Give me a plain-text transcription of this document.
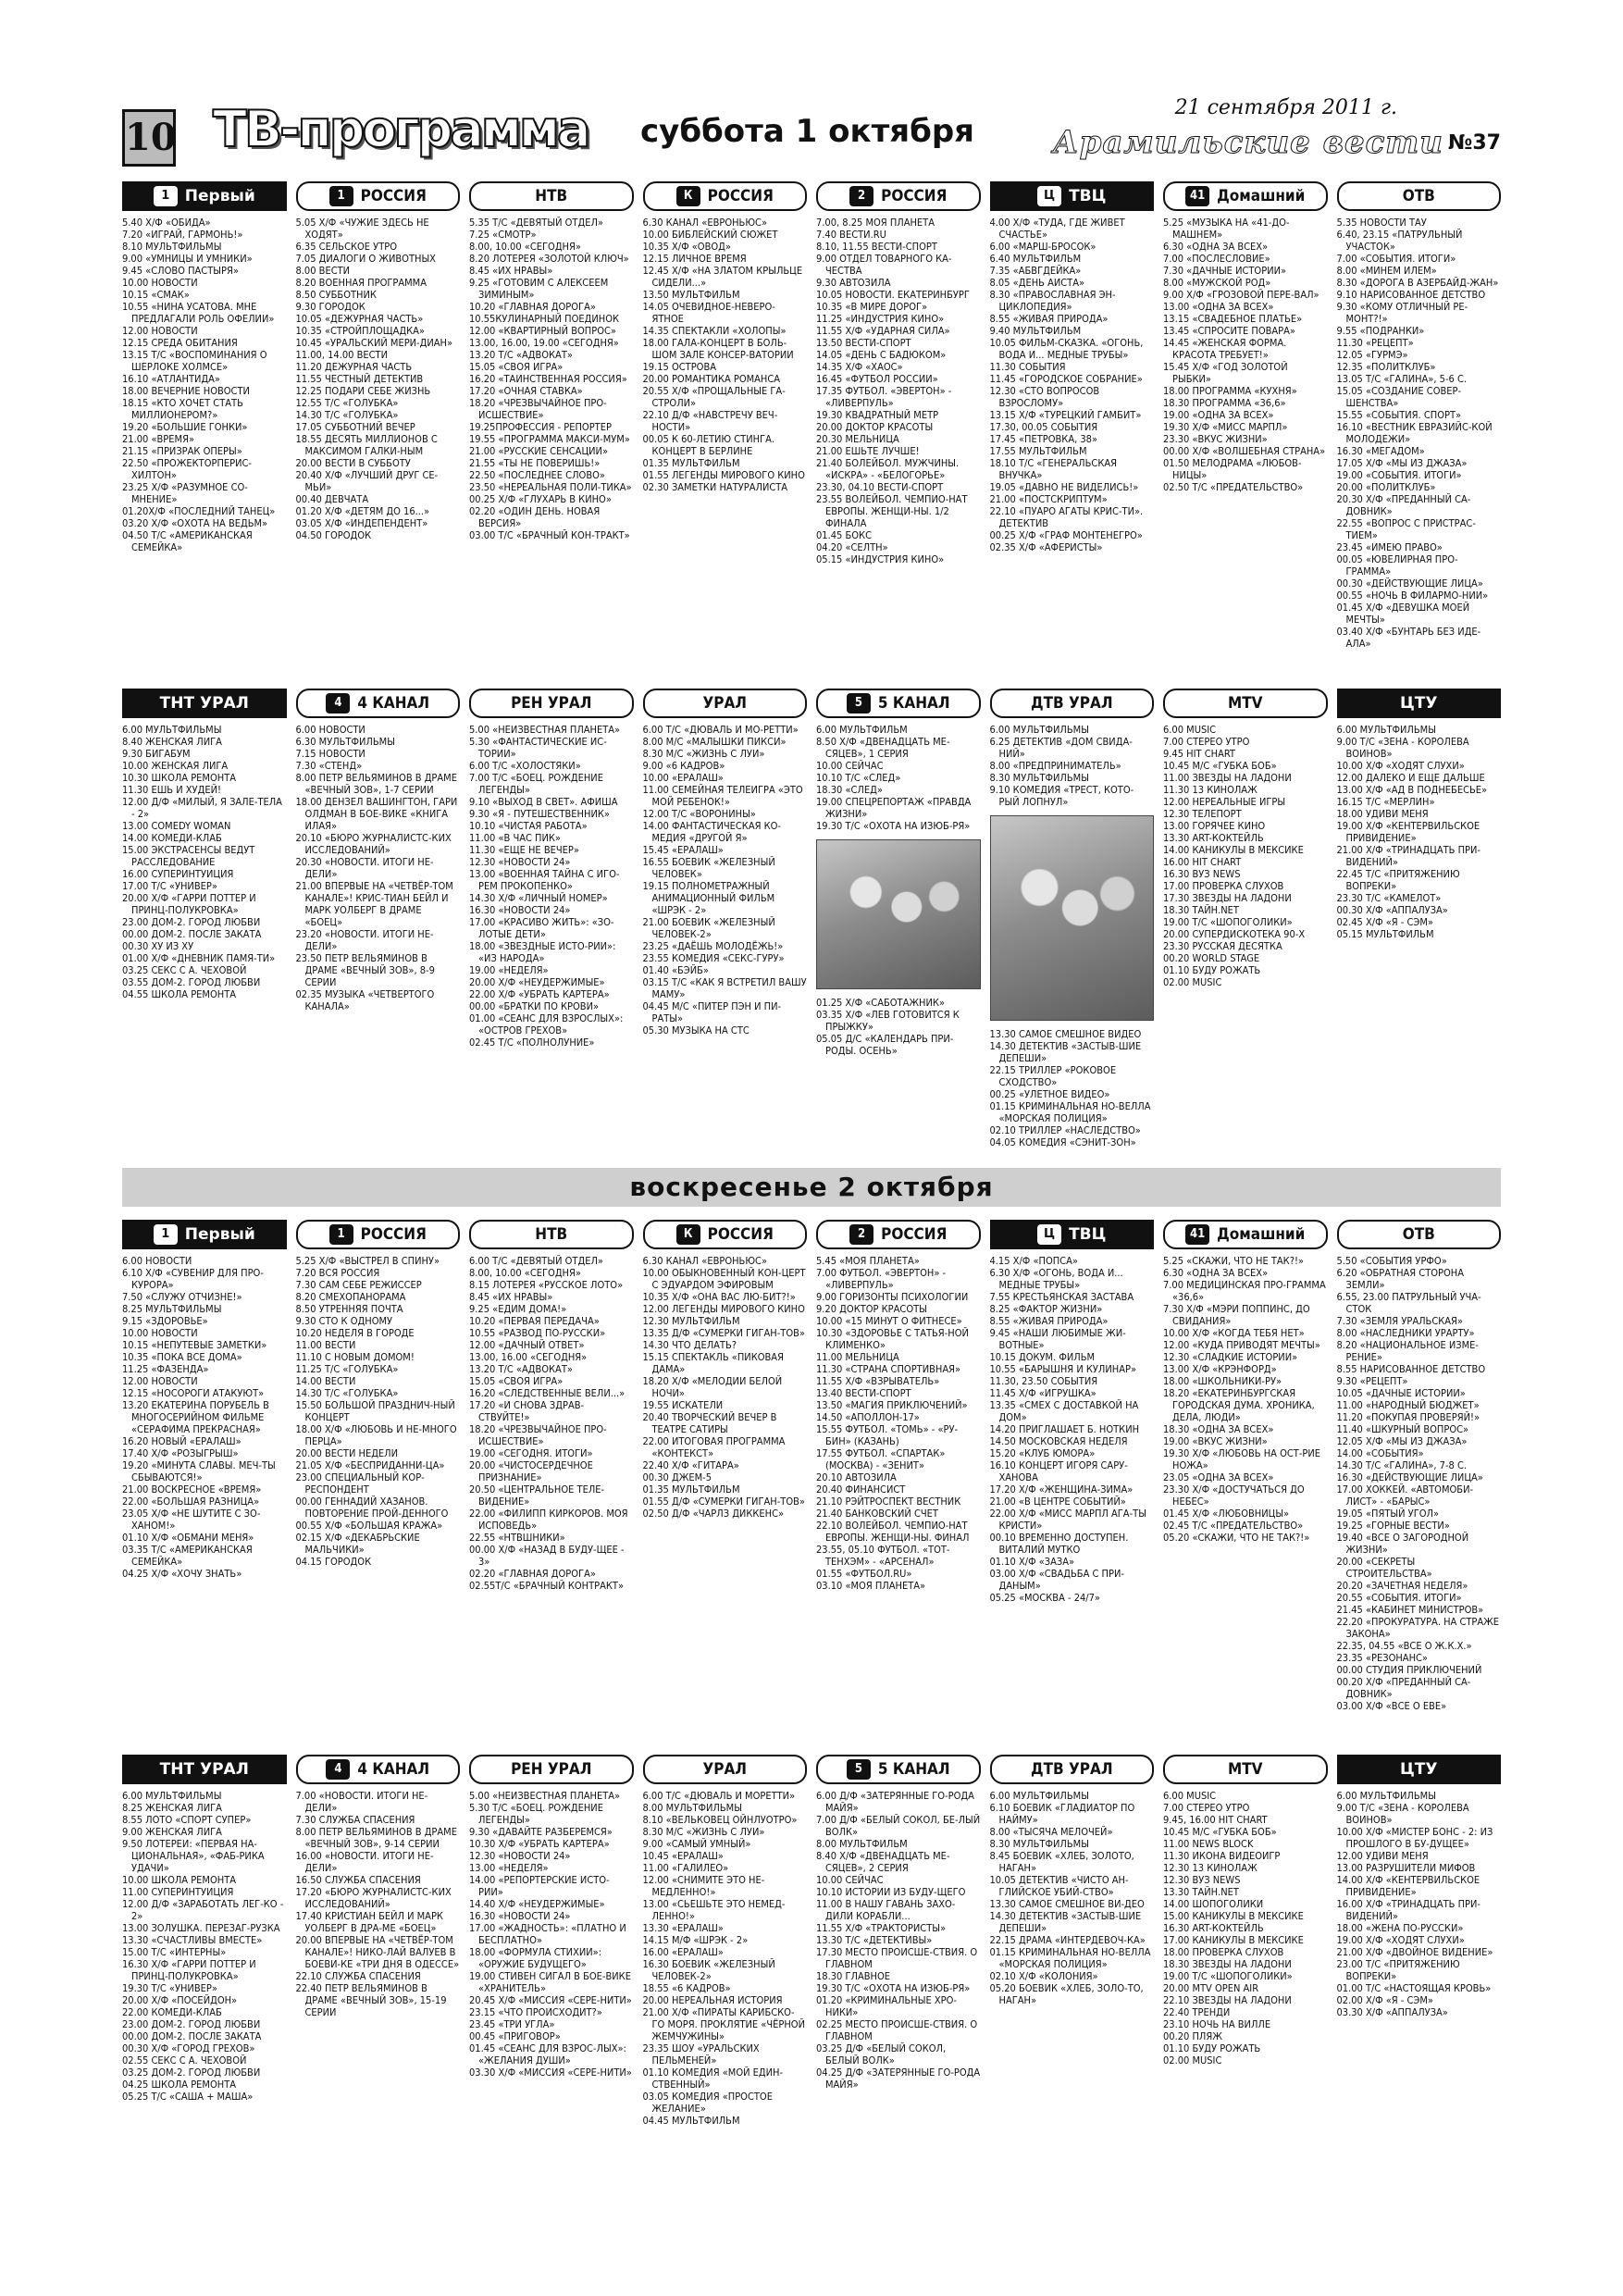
10 ТВ-программа суббота 1 октября
21 сентября 2011 г.
Арамильские вести №37
1 Первый
5.40 Х/Ф «ОБИДА»
7.20 «ИГРАЙ, ГАРМОНЬ!»
8.10 МУЛЬТФИЛЬМЫ
9.00 «УМНИЦЫ И УМНИКИ»
9.45 «СЛОВО ПАСТЫРЯ»
10.00 НОВОСТИ
10.15 «СМАК»
10.55 «НИНА УСАТОВА. МНЕ ПРЕДЛАГАЛИ РОЛЬ ОФЕЛИИ»
12.00 НОВОСТИ
12.15 СРЕДА ОБИТАНИЯ
13.15 Т/С «ВОСПОМИНАНИЯ О ШЕРЛОКЕ ХОЛМСЕ»
16.10 «АТЛАНТИДА»
18.00 ВЕЧЕРНИЕ НОВОСТИ
18.15 «КТО ХОЧЕТ СТАТЬ МИЛЛИОНЕРОМ?»
19.20 «БОЛЬШИЕ ГОНКИ»
21.00 «ВРЕМЯ»
21.15 «ПРИЗРАК ОПЕРЫ»
22.50 «ПРОЖЕКТОРПЕРИС-ХИЛТОН»
23.25 Х/Ф «РАЗУМНОЕ СО-МНЕНИЕ»
01.20Х/Ф «ПОСЛЕДНИЙ ТАНЕЦ»
03.20 Х/Ф «ОХОТА НА ВЕДЬМ»
04.50 Т/С «АМЕРИКАНСКАЯ СЕМЕЙКА»
1 РОССИЯ
5.05 Х/Ф «ЧУЖИЕ ЗДЕСЬ НЕ ХОДЯТ»
6.35 СЕЛЬСКОЕ УТРО
7.05 ДИАЛОГИ О ЖИВОТНЫХ
8.00 ВЕСТИ
8.20 ВОЕННАЯ ПРОГРАММА
8.50 СУББОТНИК
9.30 ГОРОДОК
10.05 «ДЕЖУРНАЯ ЧАСТЬ»
10.35 «СТРОЙПЛОЩАДКА»
10.45 «УРАЛЬСКИЙ МЕРИ-ДИАН»
11.00, 14.00 ВЕСТИ
11.20 ДЕЖУРНАЯ ЧАСТЬ
11.55 ЧЕСТНЫЙ ДЕТЕКТИВ
12.25 ПОДАРИ СЕБЕ ЖИЗНЬ
12.55 Т/С «ГОЛУБКА»
14.30 Т/С «ГОЛУБКА»
17.05 СУББОТНИЙ ВЕЧЕР
18.55 ДЕСЯТЬ МИЛЛИОНОВ С МАКСИМОМ ГАЛКИ-НЫМ
20.00 ВЕСТИ В СУББОТУ
20.40 Х/Ф «ЛУЧШИЙ ДРУГ СЕ-МЬИ»
00.40 ДЕВЧАТА
01.20 Х/Ф «ДЕТЯМ ДО 16...»
03.05 Х/Ф «ИНДЕПЕНДЕНТ»
04.50 ГОРОДОК
НТВ
5.35 Т/С «ДЕВЯТЫЙ ОТДЕЛ»
7.25 «СМОТР»
8.00, 10.00 «СЕГОДНЯ»
8.20 ЛОТЕРЕЯ «ЗОЛОТОЙ КЛЮЧ»
8.45 «ИХ НРАВЫ»
9.25 «ГОТОВИМ С АЛЕКСЕЕМ ЗИМИНЫМ»
10.20 «ГЛАВНАЯ ДОРОГА»
10.55КУЛИНАРНЫЙ ПОЕДИНОК
12.00 «КВАРТИРНЫЙ ВОПРОС»
13.00, 16.00, 19.00 «СЕГОДНЯ»
13.20 Т/С «АДВОКАТ»
15.05 «СВОЯ ИГРА»
16.20 «ТАИНСТВЕННАЯ РОССИЯ»
17.20 «ОЧНАЯ СТАВКА»
18.20 «ЧРЕЗВЫЧАЙНОЕ ПРО-ИСШЕСТВИЕ»
19.25ПРОФЕССИЯ - РЕПОРТЕР
19.55 «ПРОГРАММА МАКСИ-МУМ»
21.00 «РУССКИЕ СЕНСАЦИИ»
21.55 «ТЫ НЕ ПОВЕРИШЬ!»
22.50 «ПОСЛЕДНЕЕ СЛОВО»
23.50 «НЕРЕАЛЬНАЯ ПОЛИ-ТИКА»
00.25 Х/Ф «ГЛУХАРЬ В КИНО»
02.20 «ОДИН ДЕНЬ. НОВАЯ ВЕРСИЯ»
03.00 Т/С «БРАЧНЫЙ КОН-ТРАКТ»
К РОССИЯ
6.30 КАНАЛ «ЕВРОНЬЮС»
10.00 БИБЛЕЙСКИЙ СЮЖЕТ
10.35 Х/Ф «ОВОД»
12.15 ЛИЧНОЕ ВРЕМЯ
12.45 Х/Ф «НА ЗЛАТОМ КРЫЛЬЦЕ СИДЕЛИ...»
13.50 МУЛЬТФИЛЬМ
14.05 ОЧЕВИДНОЕ-НЕВЕРО-ЯТНОЕ
14.35 СПЕКТАКЛИ «ХОЛОПЫ»
18.00 ГАЛА-КОНЦЕРТ В БОЛЬ-ШОМ ЗАЛЕ КОНСЕР-ВАТОРИИ
19.15 ОСТРОВА
20.00 РОМАНТИКА РОМАНСА
20.55 Х/Ф «ПРОЩАЛЬНЫЕ ГА-СТРОЛИ»
22.10 Д/Ф «НАВСТРЕЧУ ВЕЧ-НОСТИ»
00.05 К 60-ЛЕТИЮ СТИНГА. КОНЦЕРТ В БЕРЛИНЕ
01.35 МУЛЬТФИЛЬМ
01.55 ЛЕГЕНДЫ МИРОВОГО КИНО
02.30 ЗАМЕТКИ НАТУРАЛИСТА
2 РОССИЯ
7.00, 8.25 МОЯ ПЛАНЕТА
7.40 ВЕСТИ.RU
8.10, 11.55 ВЕСТИ-СПОРТ
9.00 ОТДЕЛ ТОВАРНОГО КА-ЧЕСТВА
9.30 АВТОЗИЛА
10.05 НОВОСТИ. ЕКАТЕРИНБУРГ
10.35 «В МИРЕ ДОРОГ»
11.25 «ИНДУСТРИЯ КИНО»
11.55 Х/Ф «УДАРНАЯ СИЛА»
13.50 ВЕСТИ-СПОРТ
14.05 «ДЕНЬ С БАДЮКОМ»
14.35 Х/Ф «ХАОС»
16.45 «ФУТБОЛ РОССИИ»
17.35 ФУТБОЛ. «ЭВЕРТОН» - «ЛИВЕРПУЛЬ»
19.30 КВАДРАТНЫЙ МЕТР
20.00 ДОКТОР КРАСОТЫ
20.30 МЕЛЬНИЦА
21.00 ЕШЬТЕ ЛУЧШЕ!
21.40 БОЛЕЙБОЛ. МУЖЧИНЫ. «ИСКРА» - «БЕЛОГОРЬЕ»
23.30, 04.10 ВЕСТИ-СПОРТ
23.55 ВОЛЕЙБОЛ. ЧЕМПИО-НАТ ЕВРОПЫ. ЖЕНЩИ-НЫ. 1/2 ФИНАЛА
01.45 БОКС
04.20 «СЕЛТН»
05.15 «ИНДУСТРИЯ КИНО»
Ц ТВЦ
4.00 Х/Ф «ТУДА, ГДЕ ЖИВЕТ СЧАСТЬЕ»
6.00 «МАРШ-БРОСОК»
6.40 МУЛЬТФИЛЬМ
7.35 «АБВГДЕЙКА»
8.05 «ДЕНЬ АИСТА»
8.30 «ПРАВОСЛАВНАЯ ЭН-ЦИКЛОПЕДИЯ»
8.55 «ЖИВАЯ ПРИРОДА»
9.40 МУЛЬТФИЛЬМ
10.05 ФИЛЬМ-СКАЗКА. «ОГОНЬ, ВОДА И... МЕДНЫЕ ТРУБЫ»
11.30 СОБЫТИЯ
11.45 «ГОРОДСКОЕ СОБРАНИЕ»
12.30 «СТО ВОПРОСОВ ВЗРОСЛОМУ»
13.15 Х/Ф «ТУРЕЦКИЙ ГАМБИТ»
17.30, 00.05 СОБЫТИЯ
17.45 «ПЕТРОВКА, 38»
17.55 МУЛЬТФИЛЬМ
18.10 Т/С «ГЕНЕРАЛЬСКАЯ ВНУЧКА»
19.05 «ДАВНО НЕ ВИДЕЛИСЬ!»
21.00 «ПОСТСКРИПТУМ»
22.10 «ПУАРО АГАТЫ КРИС-ТИ». ДЕТЕКТИВ
00.25 Х/Ф «ГРАФ МОНТЕНЕГРО»
02.35 Х/Ф «АФЕРИСТЫ»
41 Домашний
5.25 «МУЗЫКА НА «41-ДО-МАШНЕМ»
6.30 «ОДНА ЗА ВСЕХ»
7.00 «ПОСЛЕСЛОВИЕ»
7.30 «ДАЧНЫЕ ИСТОРИИ»
8.00 «МУЖСКОЙ РОД»
9.00 Х/Ф «ГРОЗОВОЙ ПЕРЕ-ВАЛ»
13.00 «ОДНА ЗА ВСЕХ»
13.15 «СВАДЕБНОЕ ПЛАТЬЕ»
13.45 «СПРОСИТЕ ПОВАРА»
14.45 «ЖЕНСКАЯ ФОРМА. КРАСОТА ТРЕБУЕТ!»
15.45 Х/Ф «ГОД ЗОЛОТОЙ РЫБКИ»
18.00 ПРОГРАММА «КУХНЯ»
18.30 ПРОГРАММА «36,6»
19.00 «ОДНА ЗА ВСЕХ»
19.30 Х/Ф «МИСС МАРПЛ»
23.30 «ВКУС ЖИЗНИ»
00.00 Х/Ф «ВОЛШЕБНАЯ СТРАНА»
01.50 МЕЛОДРАМА «ЛЮБОВ-НИЦЫ»
02.50 Т/С «ПРЕДАТЕЛЬСТВО»
ОТВ
5.35 НОВОСТИ ТАУ
6.40, 23.15 «ПАТРУЛЬНЫЙ УЧАСТОК»
7.00 «СОБЫТИЯ. ИТОГИ»
8.00 «МИНЕМ ИЛЕМ»
8.30 «ДОРОГА В АЗЕРБАЙД-ЖАН»
9.10 НАРИСОВАННОЕ ДЕТСТВО
9.30 «КОМУ ОТЛИЧНЫЙ РЕ-МОНТ?!»
9.55 «ПОДРАНКИ»
11.30 «РЕЦЕПТ»
12.05 «ГУРМЭ»
12.35 «ПОЛИТКЛУБ»
13.05 Т/С «ГАЛИНА», 5-6 С.
15.05 «СОЗДАНИЕ СОВЕР-ШЕНСТВА»
15.55 «СОБЫТИЯ. СПОРТ»
16.10 «ВЕСТНИК ЕВРАЗИЙС-КОЙ МОЛОДЕЖИ»
16.30 «МЕГАДОМ»
17.05 Х/Ф «МЫ ИЗ ДЖАЗА»
19.00 «СОБЫТИЯ. ИТОГИ»
20.00 «ПОЛИТКЛУБ»
20.30 Х/Ф «ПРЕДАННЫЙ СА-ДОВНИК»
22.55 «ВОПРОС С ПРИСТРАС-ТИЕМ»
23.45 «ИМЕЮ ПРАВО»
00.05 «ЮВЕЛИРНАЯ ПРО-ГРАММА»
00.30 «ДЕЙСТВУЮЩИЕ ЛИЦА»
00.55 «НОЧЬ В ФИЛАРМО-НИИ»
01.45 Х/Ф «ДЕВУШКА МОЕЙ МЕЧТЫ»
03.40 Х/Ф «БУНТАРЬ БЕЗ ИДЕ-АЛА»
ТНТ УРАЛ
6.00 МУЛЬТФИЛЬМЫ
8.40 ЖЕНСКАЯ ЛИГА
9.30 БИГАБУМ
10.00 ЖЕНСКАЯ ЛИГА
10.30 ШКОЛА РЕМОНТА
11.30 ЕШЬ И ХУДЕЙ!
12.00 Д/Ф «МИЛЫЙ, Я ЗАЛЕ-ТЕЛА - 2»
13.00 COMEDY WOMAN
14.00 КОМЕДИ-КЛАБ
15.00 ЭКСТРАСЕНСЫ ВЕДУТ РАССЛЕДОВАНИЕ
16.00 СУПЕРИНТУИЦИЯ
17.00 Т/С «УНИВЕР»
20.00 Х/Ф «ГАРРИ ПОТТЕР И ПРИНЦ-ПОЛУКРОВКА»
23.00 ДОМ-2. ГОРОД ЛЮБВИ
00.00 ДОМ-2. ПОСЛЕ ЗАКАТА
00.30 ХУ ИЗ ХУ
01.00 Х/Ф «ДНЕВНИК ПАМЯ-ТИ»
03.25 СЕКС С А. ЧЕХОВОЙ
03.55 ДОМ-2. ГОРОД ЛЮБВИ
04.55 ШКОЛА РЕМОНТА
4 4 КАНАЛ
6.00 НОВОСТИ
6.30 МУЛЬТФИЛЬМЫ
7.15 НОВОСТИ
7.30 «СТЕНД»
8.00 ПЕТР ВЕЛЬЯМИНОВ В ДРАМЕ «ВЕЧНЫЙ ЗОВ», 1-7 СЕРИИ
18.00 ДЕНЗЕЛ ВАШИНГТОН, ГАРИ ОЛДМАН В БОЕ-ВИКЕ «КНИГА ИЛАЯ»
20.10 «БЮРО ЖУРНАЛИСТС-КИХ ИССЛЕДОВАНИЙ»
20.30 «НОВОСТИ. ИТОГИ НЕ-ДЕЛИ»
21.00 ВПЕРВЫЕ НА «ЧЕТВЁР-ТОМ КАНАЛЕ»! КРИС-ТИАН БЕЙЛ И МАРК УОЛБЕРГ В ДРАМЕ «БОЕЦ»
23.20 «НОВОСТИ. ИТОГИ НЕ-ДЕЛИ»
23.50 ПЕТР ВЕЛЬЯМИНОВ В ДРАМЕ «ВЕЧНЫЙ ЗОВ», 8-9 СЕРИИ
02.35 МУЗЫКА «ЧЕТВЕРТОГО КАНАЛА»
РЕН УРАЛ
5.00 «НЕИЗВЕСТНАЯ ПЛАНЕТА»
5.30 «ФАНТАСТИЧЕСКИЕ ИС-ТОРИИ»
6.00 Т/С «ХОЛОСТЯКИ»
7.00 Т/С «БОЕЦ. РОЖДЕНИЕ ЛЕГЕНДЫ»
9.10 «ВЫХОД В СВЕТ». АФИША
9.30 «Я - ПУТЕШЕСТВЕННИК»
10.10 «ЧИСТАЯ РАБОТА»
11.00 «В ЧАС ПИК»
11.30 «ЕЩЕ НЕ ВЕЧЕР»
12.30 «НОВОСТИ 24»
13.00 «ВОЕННАЯ ТАЙНА С ИГО-РЕМ ПРОКОПЕНКО»
14.30 Х/Ф «ЛИЧНЫЙ НОМЕР»
16.30 «НОВОСТИ 24»
17.00 «КРАСИВО ЖИТЬ»: «ЗО-ЛОТЫЕ ДЕТИ»
18.00 «ЗВЕЗДНЫЕ ИСТО-РИИ»: «ИЗ НАРОДА»
19.00 «НЕДЕЛЯ»
20.00 Х/Ф «НЕУДЕРЖИМЫЕ»
22.00 Х/Ф «УБРАТЬ КАРТЕРА»
00.00 «БРАТКИ ПО КРОВИ»
01.00 «СЕАНС ДЛЯ ВЗРОСЛЫХ»: «ОСТРОВ ГРЕХОВ»
02.45 Т/С «ПОЛНОЛУНИЕ»
УРАЛ
6.00 Т/С «ДЮВАЛЬ И МО-РЕТТИ»
8.00 М/С «МАЛЫШКИ ПИКСИ»
8.30 М/С «ЖИЗНЬ С ЛУИ»
9.00 «6 КАДРОВ»
10.00 «ЕРАЛАШ»
11.00 СЕМЕЙНАЯ ТЕЛЕИГРА «ЭТО МОЙ РЕБЕНОК!»
12.00 Т/С «ВОРОНИНЫ»
14.00 ФАНТАСТИЧЕСКАЯ КО-МЕДИЯ «ДРУГОЙ Я»
15.45 «ЕРАЛАШ»
16.55 БОЕВИК «ЖЕЛЕЗНЫЙ ЧЕЛОВЕК»
19.15 ПОЛНОМЕТРАЖНЫЙ АНИМАЦИОННЫЙ ФИЛЬМ «ШРЭК - 2»
21.00 БОЕВИК «ЖЕЛЕЗНЫЙ ЧЕЛОВЕК-2»
23.25 «ДАЁШЬ МОЛОДЁЖЬ!»
23.55 КОМЕДИЯ «СЕКС-ГУРУ»
01.40 «БЭЙБ»
03.15 Т/С «КАК Я ВСТРЕТИЛ ВАШУ МАМУ»
04.45 М/С «ПИТЕР ПЭН И ПИ-РАТЫ»
05.30 МУЗЫКА НА СТС
5 5 КАНАЛ
6.00 МУЛЬТФИЛЬМ
8.50 Х/Ф «ДВЕНАДЦАТЬ МЕ-СЯЦЕВ», 1 СЕРИЯ
10.00 СЕЙЧАС
10.10 Т/С «СЛЕД»
18.30 «СЛЕД»
19.00 СПЕЦРЕПОРТАЖ «ПРАВДА ЖИЗНИ»
19.30 Т/С «ОХОТА НА ИЗЮБ-РЯ»
01.25 Х/Ф «САБОТАЖНИК»
03.35 Х/Ф «ЛЕВ ГОТОВИТСЯ К ПРЫЖКУ»
05.05 Д/С «КАЛЕНДАРЬ ПРИ-РОДЫ. ОСЕНЬ»
ДТВ УРАЛ
6.00 МУЛЬТФИЛЬМЫ
6.25 ДЕТЕКТИВ «ДОМ СВИДА-НИЙ»
8.00 «ПРЕДПРИНИМАТЕЛЬ»
8.30 МУЛЬТФИЛЬМЫ
9.10 КОМЕДИЯ «ТРЕСТ, КОТО-РЫЙ ЛОПНУЛ»
13.30 САМОЕ СМЕШНОЕ ВИДЕО
14.30 ДЕТЕКТИВ «ЗАСТЫВ-ШИЕ ДЕПЕШИ»
22.15 ТРИЛЛЕР «РОКОВОЕ СХОДСТВО»
00.25 «УЛЕТНОЕ ВИДЕО»
01.15 КРИМИНАЛЬНАЯ НО-ВЕЛЛА «МОРСКАЯ ПОЛИЦИЯ»
02.10 ТРИЛЛЕР «НАСЛЕДСТВО»
04.05 КОМЕДИЯ «СЭНИТ-ЗОН»
MTV
6.00 MUSIC
7.00 СТЕРЕО УТРО
9.45 HIT CHART
10.45 М/С «ГУБКА БОБ»
11.00 ЗВЕЗДЫ НА ЛАДОНИ
11.30 13 КИНОЛАЖ
12.00 НЕРЕАЛЬНЫЕ ИГРЫ
12.30 ТЕЛЕПОРТ
13.00 ГОРЯЧЕЕ КИНО
13.30 ART-КОКТЕЙЛЬ
14.00 КАНИКУЛЫ В МЕКСИКЕ
16.00 HIT CHART
16.30 ВУЗ NEWS
17.00 ПРОВЕРКА СЛУХОВ
17.30 ЗВЕЗДЫ НА ЛАДОНИ
18.30 ТАЙН.NET
19.00 Т/С «ШОПОГОЛИКИ»
20.00 СУПЕРДИСКОТЕКА 90-Х
23.30 РУССКАЯ ДЕСЯТКА
00.20 WORLD STAGE
01.10 БУДУ РОЖАТЬ
02.00 MUSIC
ЦТУ
6.00 МУЛЬТФИЛЬМЫ
9.00 Т/С «ЗЕНА - КОРОЛЕВА ВОИНОВ»
10.00 Х/Ф «ХОДЯТ СЛУХИ»
12.00 ДАЛЕКО И ЕЩЕ ДАЛЬШЕ
13.00 Х/Ф «АД В ПОДНЕБЕСЬЕ»
16.15 Т/С «МЕРЛИН»
18.00 УДИВИ МЕНЯ
19.00 Х/Ф «КЕНТЕРВИЛЬСКОЕ ПРИВИДЕНИЕ»
21.00 Х/Ф «ТРИНАДЦАТЬ ПРИ-ВИДЕНИЙ»
22.45 Т/С «ПРИТЯЖЕНИЮ ВОПРЕКИ»
23.30 Т/С «КАМЕЛОТ»
00.30 Х/Ф «АППАЛУЗА»
02.45 Х/Ф «Я - СЭМ»
05.15 МУЛЬТФИЛЬМ
воскресенье 2 октября
1 Первый
6.00 НОВОСТИ
6.10 Х/Ф «СУВЕНИР ДЛЯ ПРО-КУРОРА»
7.50 «СЛУЖУ ОТЧИЗНЕ!»
8.25 МУЛЬТФИЛЬМЫ
9.15 «ЗДОРОВЬЕ»
10.00 НОВОСТИ
10.15 «НЕПУТЕВЫЕ ЗАМЕТКИ»
10.35 «ПОКА ВСЕ ДОМА»
11.25 «ФАЗЕНДА»
12.00 НОВОСТИ
12.15 «НОСОРОГИ АТАКУЮТ»
13.20 ЕКАТЕРИНА ПОРУБЕЛЬ В МНОГОСЕРИЙНОМ ФИЛЬМЕ «СЕРАФИМА ПРЕКРАСНАЯ»
16.20 НОВЫЙ «ЕРАЛАШ»
17.40 Х/Ф «РОЗЫГРЫШ»
19.20 «МИНУТА СЛАВЫ. МЕЧ-ТЫ СБЫВАЮТСЯ!»
21.00 ВОСКРЕСНОЕ «ВРЕМЯ»
22.00 «БОЛЬШАЯ РАЗНИЦА»
23.05 Х/Ф «НЕ ШУТИТЕ С ЗО-ХАНОМ!»
01.10 Х/Ф «ОБМАНИ МЕНЯ»
03.35 Т/С «АМЕРИКАНСКАЯ СЕМЕЙКА»
04.25 Х/Ф «ХОЧУ ЗНАТЬ»
1 РОССИЯ
5.25 Х/Ф «ВЫСТРЕЛ В СПИНУ»
7.20 ВСЯ РОССИЯ
7.30 САМ СЕБЕ РЕЖИССЕР
8.20 СМЕХОПАНОРАМА
8.50 УТРЕННЯЯ ПОЧТА
9.30 СТО К ОДНОМУ
10.20 НЕДЕЛЯ В ГОРОДЕ
11.00 ВЕСТИ
11.10 С НОВЫМ ДОМОМ!
11.25 Т/С «ГОЛУБКА»
14.00 ВЕСТИ
14.30 Т/С «ГОЛУБКА»
15.50 БОЛЬШОЙ ПРАЗДНИЧ-НЫЙ КОНЦЕРТ
18.00 Х/Ф «ЛЮБОВЬ И НЕ-МНОГО ПЕРЦА»
20.00 ВЕСТИ НЕДЕЛИ
21.05 Х/Ф «БЕСПРИДАННИ-ЦА»
23.00 СПЕЦИАЛЬНЫЙ КОР-РЕСПОНДЕНТ
00.00 ГЕННАДИЙ ХАЗАНОВ. ПОВТОРЕНИЕ ПРОЙ-ДЕННОГО
00.55 Х/Ф «БОЛЬШАЯ КРАЖА»
02.15 Х/Ф «ДЕКАБРЬСКИЕ МАЛЬЧИКИ»
04.15 ГОРОДОК
НТВ
6.00 Т/С «ДЕВЯТЫЙ ОТДЕЛ»
8.00, 10.00 «СЕГОДНЯ»
8.15 ЛОТЕРЕЯ «РУССКОЕ ЛОТО»
8.45 «ИХ НРАВЫ»
9.25 «ЕДИМ ДОМА!»
10.20 «ПЕРВАЯ ПЕРЕДАЧА»
10.55 «РАЗВОД ПО-РУССКИ»
12.00 «ДАЧНЫЙ ОТВЕТ»
13.00, 16.00 «СЕГОДНЯ»
13.20 Т/С «АДВОКАТ»
15.05 «СВОЯ ИГРА»
16.20 «СЛЕДСТВЕННЫЕ ВЕЛИ...»
17.20 «И СНОВА ЗДРАВ-СТВУЙТЕ!»
18.20 «ЧРЕЗВЫЧАЙНОЕ ПРО-ИСШЕСТВИЕ»
19.00 «СЕГОДНЯ. ИТОГИ»
20.00 «ЧИСТОСЕРДЕЧНОЕ ПРИЗНАНИЕ»
20.50 «ЦЕНТРАЛЬНОЕ ТЕЛЕ-ВИДЕНИЕ»
22.00 «ФИЛИПП КИРКОРОВ. МОЯ ИСПОВЕДЬ»
22.55 «НТВШНИКИ»
00.00 Х/Ф «НАЗАД В БУДУ-ЩЕЕ - 3»
02.20 «ГЛАВНАЯ ДОРОГА»
02.55Т/С «БРАЧНЫЙ КОНТРАКТ»
К РОССИЯ
6.30 КАНАЛ «ЕВРОНЬЮС»
10.00 ОБЫКНОВЕННЫЙ КОН-ЦЕРТ С ЭДУАРДОМ ЭФИРОВЫМ
10.35 Х/Ф «ОНА ВАС ЛЮ-БИТ?!»
12.00 ЛЕГЕНДЫ МИРОВОГО КИНО
12.30 МУЛЬТФИЛЬМ
13.35 Д/Ф «СУМЕРКИ ГИГАН-ТОВ»
14.30 ЧТО ДЕЛАТЬ?
15.15 СПЕКТАКЛЬ «ПИКОВАЯ ДАМА»
18.20 Х/Ф «МЕЛОДИИ БЕЛОЙ НОЧИ»
19.55 ИСКАТЕЛИ
20.40 ТВОРЧЕСКИЙ ВЕЧЕР В ТЕАТРЕ САТИРЫ
22.00 ИТОГОВАЯ ПРОГРАММА «КОНТЕКСТ»
22.40 Х/Ф «ГИТАРА»
00.30 ДЖЕМ-5
01.35 МУЛЬТФИЛЬМ
01.55 Д/Ф «СУМЕРКИ ГИГАН-ТОВ»
02.50 Д/Ф «ЧАРЛЗ ДИККЕНС»
2 РОССИЯ
5.45 «МОЯ ПЛАНЕТА»
7.00 ФУТБОЛ. «ЭВЕРТОН» - «ЛИВЕРПУЛЬ»
9.00 ГОРИЗОНТЫ ПСИХОЛОГИИ
9.20 ДОКТОР КРАСОТЫ
10.00 «15 МИНУТ О ФИТНЕСЕ»
10.30 «ЗДОРОВЬЕ С ТАТЬЯ-НОЙ КЛИМЕНКО»
11.00 МЕЛЬНИЦА
11.30 «СТРАНА СПОРТИВНАЯ»
11.55 Х/Ф «ВЗРЫВАТЕЛЬ»
13.40 ВЕСТИ-СПОРТ
13.50 «МАГИЯ ПРИКЛЮЧЕНИЙ»
14.50 «АПОЛЛОН-17»
15.55 ФУТБОЛ. «ТОМЬ» - «РУ-БИН» (КАЗАНЬ)
17.55 ФУТБОЛ. «СПАРТАК» (МОСКВА) - «ЗЕНИТ»
20.10 АВТОЗИЛА
20.40 ФИНАНСИСТ
21.10 РЭЙТРОСПЕКТ ВЕСТНИК
21.40 БАНКОВСКИЙ СЧЕТ
22.10 ВОЛЕЙБОЛ. ЧЕМПИО-НАТ ЕВРОПЫ. ЖЕНЩИ-НЫ. ФИНАЛ
23.55, 05.10 ФУТБОЛ. «ТОТ-ТЕНХЭМ» - «АРСЕНАЛ»
01.55 «ФУТБОЛ.RU»
03.10 «МОЯ ПЛАНЕТА»
Ц ТВЦ
4.15 Х/Ф «ПОПСА»
6.30 Х/Ф «ОГОНЬ, ВОДА И... МЕДНЫЕ ТРУБЫ»
7.55 КРЕСТЬЯНСКАЯ ЗАСТАВА
8.25 «ФАКТОР ЖИЗНИ»
8.55 «ЖИВАЯ ПРИРОДА»
9.45 «НАШИ ЛЮБИМЫЕ ЖИ-ВОТНЫЕ»
10.15 ДОКУМ. ФИЛЬМ
10.55 «БАРЫШНЯ И КУЛИНАР»
11.30, 23.50 СОБЫТИЯ
11.45 Х/Ф «ИГРУШКА»
13.35 «СМЕХ С ДОСТАВКОЙ НА ДОМ»
14.20 ПРИГЛАШАЕТ Б. НОТКИН
14.50 МОСКОВСКАЯ НЕДЕЛЯ
15.20 «КЛУБ ЮМОРА»
16.10 КОНЦЕРТ ИГОРЯ САРУ-ХАНОВА
17.20 Х/Ф «ЖЕНЩИНА-ЗИМА»
21.00 «В ЦЕНТРЕ СОБЫТИЙ»
22.00 Х/Ф «МИСС МАРПЛ АГА-ТЫ КРИСТИ»
00.10 ВРЕМЕННО ДОСТУПЕН. ВИТАЛИЙ МУТКО
01.10 Х/Ф «ЗАЗА»
03.00 Х/Ф «СВАДЬБА С ПРИ-ДАНЫМ»
05.25 «МОСКВА - 24/7»
41 Домашний
5.25 «СКАЖИ, ЧТО НЕ ТАК?!»
6.30 «ОДНА ЗА ВСЕХ»
7.00 МЕДИЦИНСКАЯ ПРО-ГРАММА «36,6»
7.30 Х/Ф «МЭРИ ПОППИНС, ДО СВИДАНИЯ»
10.00 Х/Ф «КОГДА ТЕБЯ НЕТ»
12.00 «КУДА ПРИВОДЯТ МЕЧТЫ»
12.30 «СЛАДКИЕ ИСТОРИИ»
13.00 Х/Ф «КРЭНФОРД»
18.00 «ШКОЛЬНИКИ-РУ»
18.20 «ЕКАТЕРИНБУРГСКАЯ ГОРОДСКАЯ ДУМА. ХРОНИКА, ДЕЛА, ЛЮДИ»
18.30 «ОДНА ЗА ВСЕХ»
19.00 «ВКУС ЖИЗНИ»
19.30 Х/Ф «ЛЮБОВЬ НА ОСТ-РИЕ НОЖА»
23.05 «ОДНА ЗА ВСЕХ»
23.30 Х/Ф «ДОСТУЧАТЬСЯ ДО НЕБЕС»
01.45 Х/Ф «ЛЮБОВНИЦЫ»
02.45 Т/С «ПРЕДАТЕЛЬСТВО»
05.20 «СКАЖИ, ЧТО НЕ ТАК?!»
ОТВ
5.50 «СОБЫТИЯ УРФО»
6.20 «ОБРАТНАЯ СТОРОНА ЗЕМЛИ»
6.55, 23.00 ПАТРУЛЬНЫЙ УЧА-СТОК
7.30 «ЗЕМЛЯ УРАЛЬСКАЯ»
8.00 «НАСЛЕДНИКИ УРАРТУ»
8.20 «НАЦИОНАЛЬНОЕ ИЗМЕ-РЕНИЕ»
8.55 НАРИСОВАННОЕ ДЕТСТВО
9.30 «РЕЦЕПТ»
10.05 «ДАЧНЫЕ ИСТОРИИ»
11.00 «НАРОДНЫЙ БЮДЖЕТ»
11.20 «ПОКУПАЯ ПРОВЕРЯЙ!»
11.40 «ШКУРНЫЙ ВОПРОС»
12.05 Х/Ф «МЫ ИЗ ДЖАЗА»
14.00 «СОБЫТИЯ»
14.30 Т/С «ГАЛИНА», 7-8 С.
16.30 «ДЕЙСТВУЮЩИЕ ЛИЦА»
17.00 ХОККЕЙ. «АВТОМОБИ-ЛИСТ» - «БАРЫС»
19.05 «ПЯТЫЙ УГОЛ»
19.25 «ГОРНЫЕ ВЕСТИ»
19.40 «ВСЕ О ЗАГОРОДНОЙ ЖИЗНИ»
20.00 «СЕКРЕТЫ СТРОИТЕЛЬСТВА»
20.20 «ЗАЧЕТНАЯ НЕДЕЛЯ»
20.55 «СОБЫТИЯ. ИТОГИ»
21.45 «КАБИНЕТ МИНИСТРОВ»
22.20 «ПРОКУРАТУРА. НА СТРАЖЕ ЗАКОНА»
22.35, 04.55 «ВСЕ О Ж.К.Х.»
23.35 «РЕЗОНАНС»
00.00 СТУДИЯ ПРИКЛЮЧЕНИЙ
00.20 Х/Ф «ПРЕДАННЫЙ СА-ДОВНИК»
03.00 Х/Ф «ВСЕ О ЕВЕ»
ТНТ УРАЛ
6.00 МУЛЬТФИЛЬМЫ
8.25 ЖЕНСКАЯ ЛИГА
8.55 ЛОТО «СПОРТ СУПЕР»
9.00 ЖЕНСКАЯ ЛИГА
9.50 ЛОТЕРЕИ: «ПЕРВАЯ НА-ЦИОНАЛЬНАЯ», «ФАБ-РИКА УДАЧИ»
10.00 ШКОЛА РЕМОНТА
11.00 СУПЕРИНТУИЦИЯ
12.00 Д/Ф «ЗАРАБОТАТЬ ЛЕГ-КО - 2»
13.00 ЗОЛУШКА. ПЕРЕЗАГ-РУЗКА
13.30 «СЧАСТЛИВЫ ВМЕСТЕ»
15.00 Т/С «ИНТЕРНЫ»
16.30 Х/Ф «ГАРРИ ПОТТЕР И ПРИНЦ-ПОЛУКРОВКА»
19.30 Т/С «УНИВЕР»
20.00 Х/Ф «ПОСЕЙДОН»
22.00 КОМЕДИ-КЛАБ
23.00 ДОМ-2. ГОРОД ЛЮБВИ
00.00 ДОМ-2. ПОСЛЕ ЗАКАТА
00.30 Х/Ф «ГОРОД ГРЕХОВ»
02.55 СЕКС С А. ЧЕХОВОЙ
03.25 ДОМ-2. ГОРОД ЛЮБВИ
04.25 ШКОЛА РЕМОНТА
05.25 Т/С «САША + МАША»
4 4 КАНАЛ
7.00 «НОВОСТИ. ИТОГИ НЕ-ДЕЛИ»
7.30 СЛУЖБА СПАСЕНИЯ
8.00 ПЕТР ВЕЛЬЯМИНОВ В ДРАМЕ «ВЕЧНЫЙ ЗОВ», 9-14 СЕРИИ
16.00 «НОВОСТИ. ИТОГИ НЕ-ДЕЛИ»
16.50 СЛУЖБА СПАСЕНИЯ
17.20 «БЮРО ЖУРНАЛИСТС-КИХ ИССЛЕДОВАНИЙ»
17.40 КРИСТИАН БЕЙЛ И МАРК УОЛБЕРГ В ДРА-МЕ «БОЕЦ»
20.00 ВПЕРВЫЕ НА «ЧЕТВЁР-ТОМ КАНАЛЕ»! НИКО-ЛАЙ ВАЛУЕВ В БОЕВИ-КЕ «ТРИ ДНЯ В ОДЕССЕ»
22.10 СЛУЖБА СПАСЕНИЯ
22.40 ПЕТР ВЕЛЬЯМИНОВ В ДРАМЕ «ВЕЧНЫЙ ЗОВ», 15-19 СЕРИИ
РЕН УРАЛ
5.00 «НЕИЗВЕСТНАЯ ПЛАНЕТА»
5.30 Т/С «БОЕЦ. РОЖДЕНИЕ ЛЕГЕНДЫ»
9.30 «ДАВАЙТЕ РАЗБЕРЕМСЯ»
10.30 Х/Ф «УБРАТЬ КАРТЕРА»
12.30 «НОВОСТИ 24»
13.00 «НЕДЕЛЯ»
14.00 «РЕПОРТЕРСКИЕ ИСТО-РИИ»
14.40 Х/Ф «НЕУДЕРЖИМЫЕ»
16.30 «НОВОСТИ 24»
17.00 «ЖАДНОСТЬ»: «ПЛАТНО И БЕСПЛАТНО»
18.00 «ФОРМУЛА СТИХИИ»: «ОРУЖИЕ БУДУЩЕГО»
19.00 СТИВЕН СИГАЛ В БОЕ-ВИКЕ «ХРАНИТЕЛЬ»
20.45 Х/Ф «МИССИЯ «СЕРЕ-НИТИ»
23.15 «ЧТО ПРОИСХОДИТ?»
23.45 «ТРИ УГЛА»
00.45 «ПРИГОВОР»
01.45 «СЕАНС ДЛЯ ВЗРОС-ЛЫХ»: «ЖЕЛАНИЯ ДУШИ»
03.30 Х/Ф «МИССИЯ «СЕРЕ-НИТИ»
УРАЛ
6.00 Т/С «ДЮВАЛЬ И МОРЕТТИ»
8.00 МУЛЬТФИЛЬМЫ
8.10 «ВЕЛЬКОВЕЦ ОЙНЛУОТРО»
8.30 М/С «ЖИЗНЬ С ЛУИ»
9.00 «САМЫЙ УМНЫЙ»
10.45 «ЕРАЛАШ»
11.00 «ГАЛИЛЕО»
12.00 «СНИМИТЕ ЭТО НЕ-МЕДЛЕННО!»
13.00 «СЬЕШЬТЕ ЭТО НЕМЕД-ЛЕННО!»
13.30 «ЕРАЛАШ»
14.15 М/Ф «ШРЭК - 2»
16.00 «ЕРАЛАШ»
16.30 БОЕВИК «ЖЕЛЕЗНЫЙ ЧЕЛОВЕК-2»
18.55 «6 КАДРОВ»
20.00 НЕРЕАЛЬНАЯ ИСТОРИЯ
21.00 Х/Ф «ПИРАТЫ КАРИБСКО-ГО МОРЯ. ПРОКЛЯТИЕ «ЧЁРНОЙ ЖЕМЧУЖИНЫ»
23.35 ШОУ «УРАЛЬСКИХ ПЕЛЬМЕНЕЙ»
01.10 КОМЕДИЯ «МОЙ ЕДИН-СТВЕННЫЙ»
03.05 КОМЕДИЯ «ПРОСТОЕ ЖЕЛАНИЕ»
04.45 МУЛЬТФИЛЬМ
5 5 КАНАЛ
6.00 Д/Ф «ЗАТЕРЯННЫЕ ГО-РОДА МАЙЯ»
7.00 Д/Ф «БЕЛЫЙ СОКОЛ, БЕ-ЛЫЙ ВОЛК»
8.00 МУЛЬТФИЛЬМ
8.40 Х/Ф «ДВЕНАДЦАТЬ МЕ-СЯЦЕВ», 2 СЕРИЯ
10.00 СЕЙЧАС
10.10 ИСТОРИИ ИЗ БУДУ-ЩЕГО
11.00 В НАШУ ГАВАНЬ ЗАХО-ДИЛИ КОРАБЛИ...
11.55 Х/Ф «ТРАКТОРИСТЫ»
13.30 Т/С «ДЕТЕКТИВЫ»
17.30 МЕСТО ПРОИСШЕ-СТВИЯ. О ГЛАВНОМ
18.30 ГЛАВНОЕ
19.30 Т/С «ОХОТА НА ИЗЮБ-РЯ»
01.20 «КРИМИНАЛЬНЫЕ ХРО-НИКИ»
02.25 МЕСТО ПРОИСШЕ-СТВИЯ. О ГЛАВНОМ
03.25 Д/Ф «БЕЛЫЙ СОКОЛ, БЕЛЫЙ ВОЛК»
04.25 Д/Ф «ЗАТЕРЯННЫЕ ГО-РОДА МАЙЯ»
ДТВ УРАЛ
6.00 МУЛЬТФИЛЬМЫ
6.10 БОЕВИК «ГЛАДИАТОР ПО НАЙМУ»
8.00 «ТЫСЯЧА МЕЛОЧЕЙ»
8.30 МУЛЬТФИЛЬМЫ
8.45 БОЕВИК «ХЛЕБ, ЗОЛОТО, НАГАН»
10.05 ДЕТЕКТИВ «ЧИСТО АН-ГЛИЙСКОЕ УБИЙ-СТВО»
13.30 САМОЕ СМЕШНОЕ ВИ-ДЕО
14.30 ДЕТЕКТИВ «ЗАСТЫВ-ШИЕ ДЕПЕШИ»
22.15 ДРАМА «ИНТЕРДЕВОЧ-КА»
01.15 КРИМИНАЛЬНАЯ НО-ВЕЛЛА «МОРСКАЯ ПОЛИЦИЯ»
02.10 Х/Ф «КОЛОНИЯ»
05.20 БОЕВИК «ХЛЕБ, ЗОЛО-ТО, НАГАН»
MTV
6.00 MUSIC
7.00 СТЕРЕО УТРО
9.45, 16.00 HIT CHART
10.45 М/С «ГУБКА БОБ»
11.00 NEWS BLOCK
11.30 ИКОНА ВИДЕОИГР
12.30 13 КИНОЛАЖ
12.30 ВУЗ NEWS
13.30 ТАЙН.NET
14.00 ШОПОГОЛИКИ
15.00 КАНИКУЛЫ В МЕКСИКЕ
16.30 ART-КОКТЕЙЛЬ
17.00 КАНИКУЛЫ В МЕКСИКЕ
18.00 ПРОВЕРКА СЛУХОВ
18.30 ЗВЕЗДЫ НА ЛАДОНИ
19.00 Т/С «ШОПОГОЛИКИ»
20.00 MTV OPEN AIR
22.10 ЗВЕЗДЫ НА ЛАДОНИ
22.40 ТРЕНДИ
23.10 НОЧЬ НА ВИЛЛЕ
00.20 ПЛЯЖ
01.10 БУДУ РОЖАТЬ
02.00 MUSIC
ЦТУ
6.00 МУЛЬТФИЛЬМЫ
9.00 Т/С «ЗЕНА - КОРОЛЕВА ВОИНОВ»
10.00 Х/Ф «МИСТЕР БОНС - 2: ИЗ ПРОШЛОГО В БУ-ДУЩЕЕ»
12.00 УДИВИ МЕНЯ
13.00 РАЗРУШИТЕЛИ МИФОВ
14.00 Х/Ф «КЕНТЕРВИЛЬСКОЕ ПРИВИДЕНИЕ»
16.00 Х/Ф «ТРИНАДЦАТЬ ПРИ-ВИДЕНИЙ»
18.00 «ЖЕНА ПО-РУССКИ»
19.00 Х/Ф «ХОДЯТ СЛУХИ»
21.00 Х/Ф «ДВОЙНОЕ ВИДЕНИЕ»
23.00 Т/С «ПРИТЯЖЕНИЮ ВОПРЕКИ»
01.00 Т/С «НАСТОЯЩАЯ КРОВЬ»
02.00 Х/Ф «Я - СЭМ»
03.30 Х/Ф «АППАЛУЗА»
